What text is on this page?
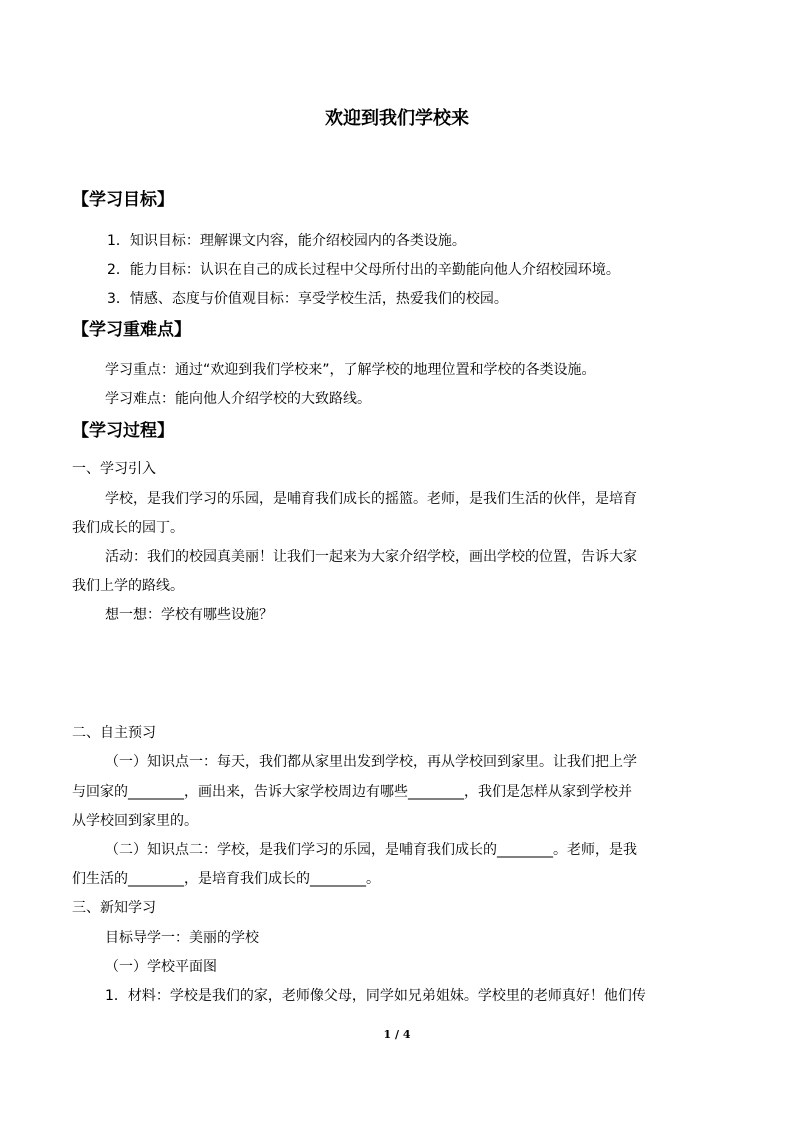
欢迎到我们学校来
【学习目标】
1．知识目标：理解课文内容，能介绍校园内的各类设施。
2．能力目标：认识在自己的成长过程中父母所付出的辛勤能向他人介绍校园环境。
3．情感、态度与价值观目标：享受学校生活，热爱我们的校园。
【学习重难点】
学习重点：通过“欢迎到我们学校来”，了解学校的地理位置和学校的各类设施。
学习难点：能向他人介绍学校的大致路线。
【学习过程】
一、学习引入
学校，是我们学习的乐园，是哺育我们成长的摇篮。老师，是我们生活的伙伴，是培育
我们成长的园丁。
活动：我们的校园真美丽！让我们一起来为大家介绍学校，画出学校的位置，告诉大家
我们上学的路线。
想一想：学校有哪些设施？
二、自主预习
（一）知识点一：每天，我们都从家里出发到学校，再从学校回到家里。让我们把上学
与回家的________，画出来，告诉大家学校周边有哪些________，我们是怎样从家到学校并
从学校回到家里的。
（二）知识点二：学校，是我们学习的乐园，是哺育我们成长的________。老师，是我
们生活的________，是培育我们成长的________。
三、新知学习
目标导学一：美丽的学校
（一）学校平面图
1．材料：学校是我们的家，老师像父母，同学如兄弟姐妹。学校里的老师真好！他们传
1 / 4
